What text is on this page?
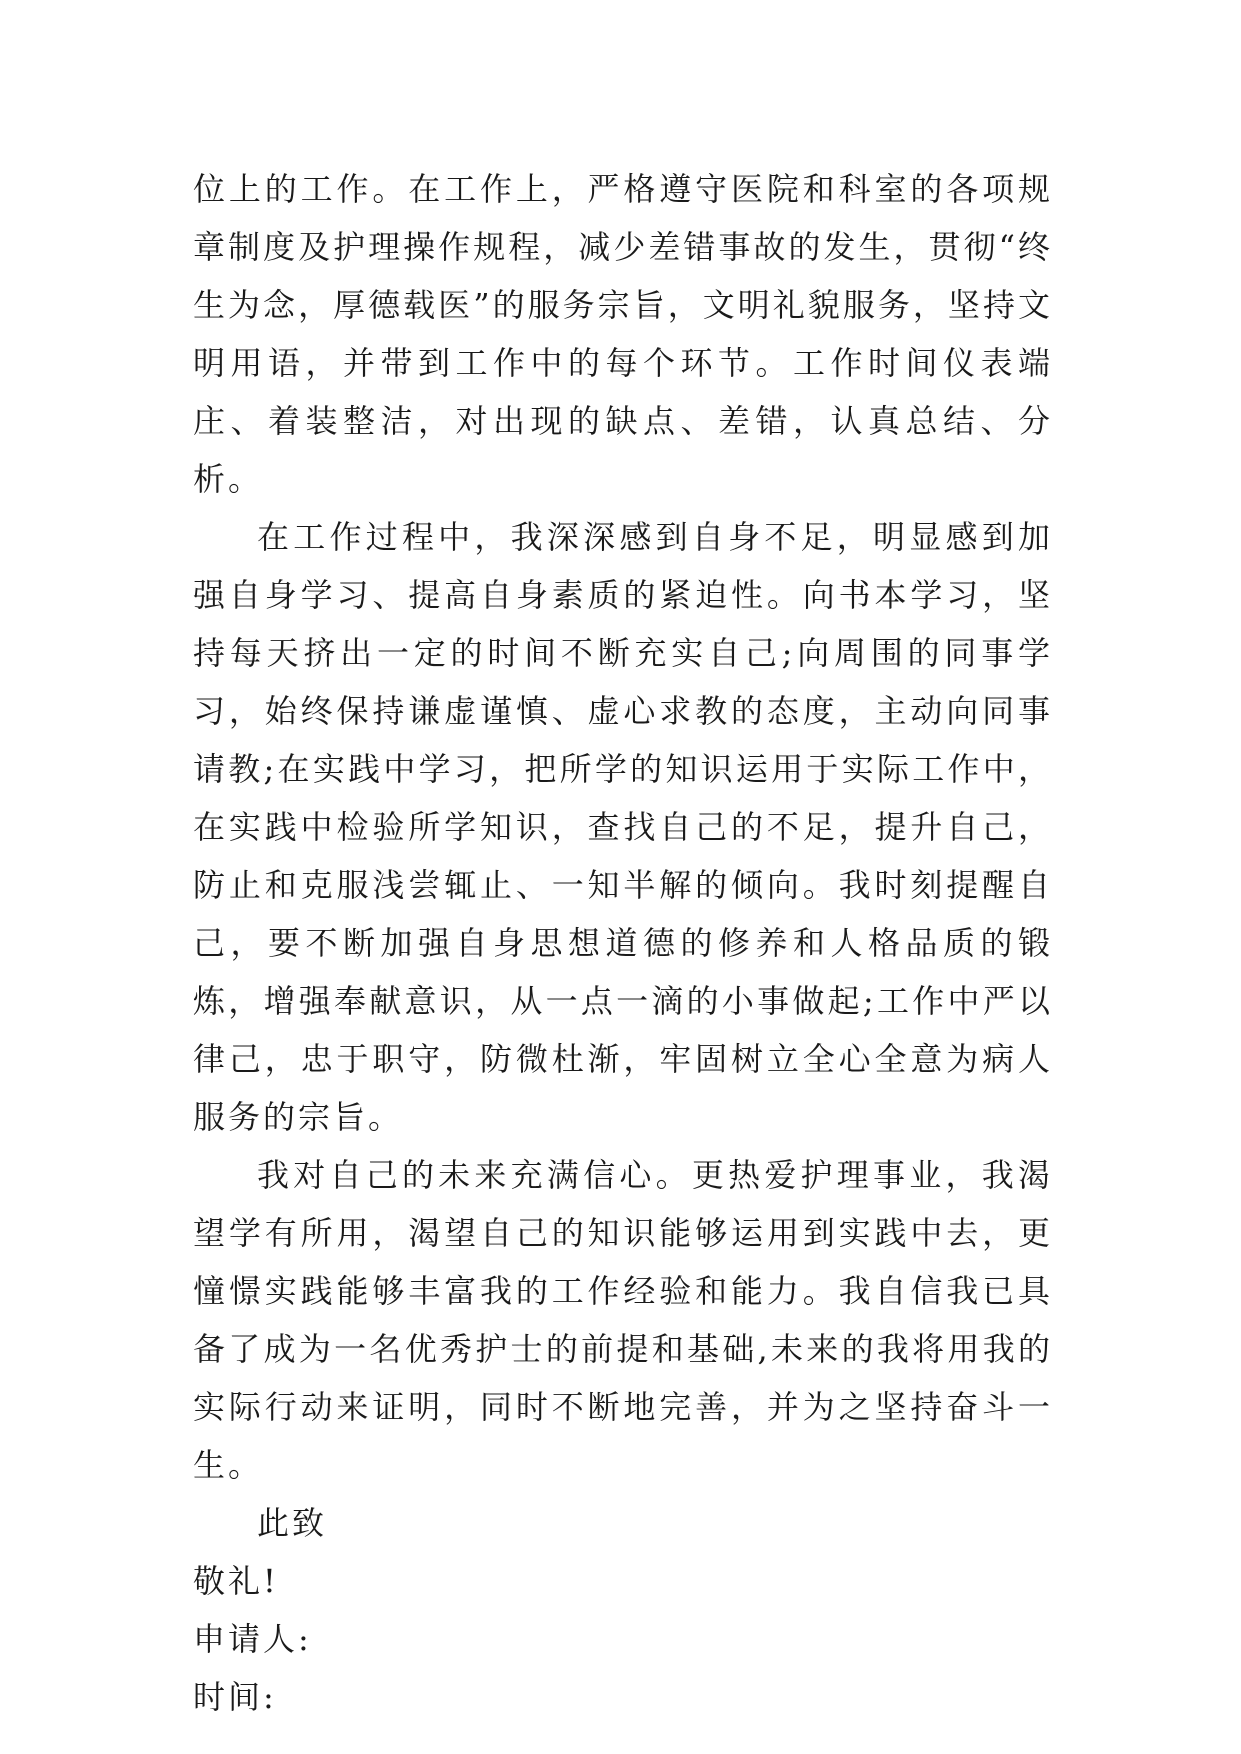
位上的工作。在工作上，严格遵守医院和科室的各项规章制度及护理操作规程，减少差错事故的发生，贯彻“终生为念，厚德载医”的服务宗旨，文明礼貌服务，坚持文明用语，并带到工作中的每个环节。工作时间仪表端庄、着装整洁，对出现的缺点、差错，认真总结、分析。

在工作过程中，我深深感到自身不足，明显感到加强自身学习、提高自身素质的紧迫性。向书本学习，坚持每天挤出一定的时间不断充实自己;向周围的同事学习，始终保持谦虚谨慎、虚心求教的态度，主动向同事请教;在实践中学习，把所学的知识运用于实际工作中，在实践中检验所学知识，查找自己的不足，提升自己，防止和克服浅尝辄止、一知半解的倾向。我时刻提醒自己，要不断加强自身思想道德的修养和人格品质的锻炼，增强奉献意识，从一点一滴的小事做起;工作中严以律己，忠于职守，防微杜渐，牢固树立全心全意为病人服务的宗旨。

我对自己的未来充满信心。更热爱护理事业，我渴望学有所用，渴望自己的知识能够运用到实践中去，更憧憬实践能够丰富我的工作经验和能力。我自信我已具备了成为一名优秀护士的前提和基础,未来的我将用我的实际行动来证明，同时不断地完善，并为之坚持奋斗一生。

此致

敬礼!

申请人:

时间:
